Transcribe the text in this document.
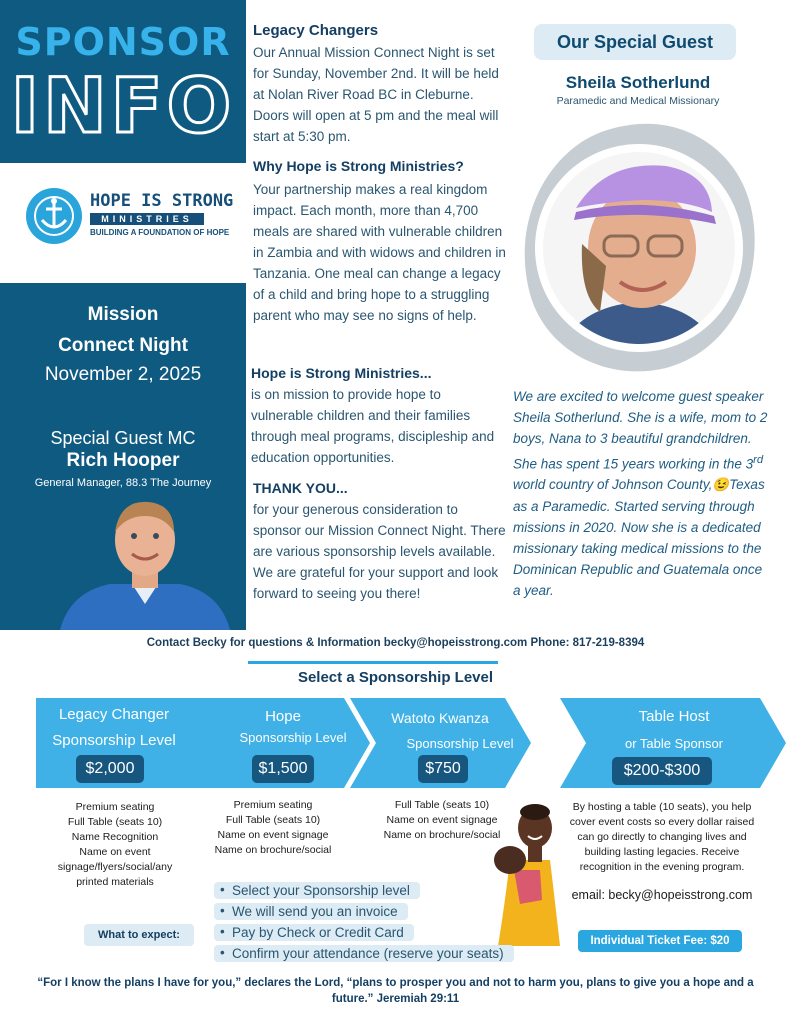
SPONSOR
INFO
HOPE IS STRONG
MINISTRIES
BUILDING A FOUNDATION OF HOPE
Mission
Connect Night
November 2, 2025
Special Guest MC
Rich Hooper
General Manager, 88.3 The Journey
Legacy Changers

Our Annual Mission Connect Night is set for Sunday, November 2nd. It will be held at Nolan River Road BC in Cleburne. Doors will open at 5 pm and the meal will start at 5:30 pm.

Why Hope is Strong Ministries?

Your partnership makes a real kingdom impact. Each month, more than 4,700 meals are shared with vulnerable children in Zambia and with widows and children in Tanzania. One meal can change a legacy of a child and bring hope to a struggling parent who may see no signs of help.

Hope is Strong Ministries...

is on mission to provide hope to vulnerable children and their families through meal programs, discipleship and education opportunities.

THANK YOU...

for your generous consideration to sponsor our Mission Connect Night. There are various sponsorship levels available. We are grateful for your support and look forward to seeing you there!

Our Special Guest
Sheila Sotherlund
Paramedic and Medical Missionary
We are excited to welcome guest speaker Sheila Sotherlund. She is a wife, mom to 2 boys, Nana to 3 beautiful grandchildren. She has spent 15 years working in the 3rd world country of Johnson County,😉Texas as a Paramedic. Started serving through missions in 2020. Now she is a dedicated missionary taking medical missions to the Dominican Republic and Guatemala once a year.
Contact Becky for questions & Information becky@hopeisstrong.com Phone: 817-219-8394
Select a Sponsorship Level
Legacy Changer
Sponsorship Level
$2,000
Hope
Sponsorship Level
$1,500
Watoto Kwanza
Sponsorship Level
$750
Table Host
or Table Sponsor
$200-$300
Premium seating
Full Table (seats 10)
Name Recognition
Name on event
signage/flyers/social/any
printed materials
Premium seating
Full Table (seats 10)
Name on event signage
Name on brochure/social
Full Table (seats 10)
Name on event signage
Name on brochure/social
By hosting a table (10 seats), you help
cover event costs so every dollar raised
can go directly to changing lives and
building lasting legacies. Receive
recognition in the evening program.
email: becky@hopeisstrong.com
What to expect:
• Select your Sponsorship level
• We will send you an invoice
• Pay by Check or Credit Card
• Confirm your attendance (reserve your seats)
Individual Ticket Fee: $20
“For I know the plans I have for you,” declares the Lord, “plans to prosper you and not to harm you, plans to give you a hope and a future.” Jeremiah 29:11
